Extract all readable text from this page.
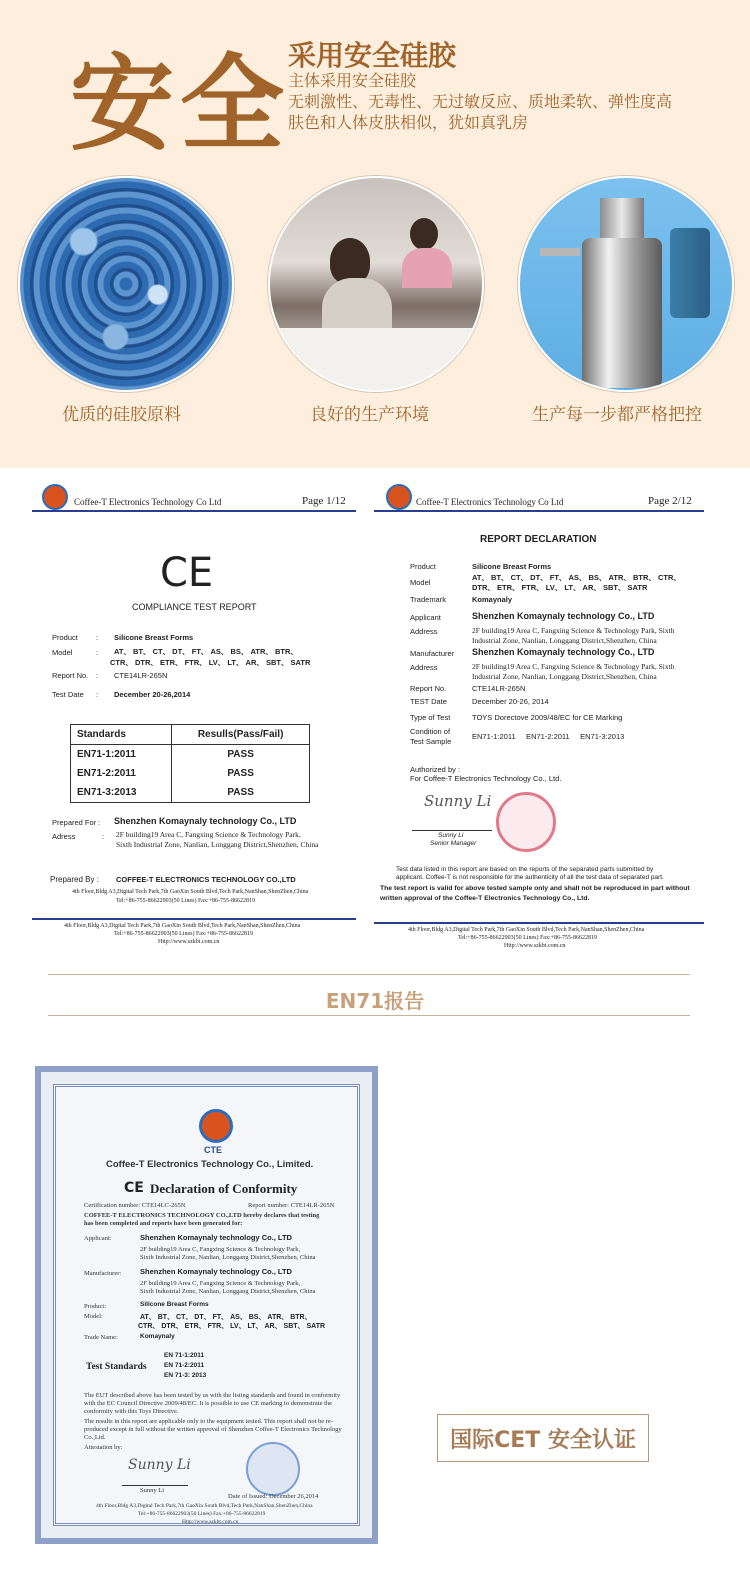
安全
采用安全硅胶
主体采用安全硅胶
无刺激性、无毒性、无过敏反应、质地柔软、弹性度高
肤色和人体皮肤相似，犹如真乳房
优质的硅胶原料	良好的生产环境	生产每一步都严格把控
Coffee-T Electronics Technology Co Ltd	Page 1/12
CE
COMPLIANCE TEST REPORT
Product : Silicone Breast Forms
Model	: AT、 BT、 CT、 DT、 FT、 AS、 BS、 ATR、 BTR、
CTR、 DTR、 ETR、 FTR、 LV、 LT、 AR、 SBT、 SATR
Report No. : CTE14LR-265N
Test Date : December 20-26,2014
Standards	Resulls(Pass/Fail)
EN71-1:2011	PASS
EN71-2:2011	PASS
EN71-3:2013	PASS
Prepared For : Shenzhen Komaynaly technology Co., LTD
Adress	: 2F building19 Area C, Fangxing Science & Technology Park,
Sixth Industrial Zone, Nanlian, Longgang District,Shenzhen, China
Prepared By : COFFEE-T ELECTRONICS TECHNOLOGY CO.,LTD
4th Floor,Bldg A3,Digital Tech Park,7th GaoXin South Blvd,Tech Park,NanShan,ShenZhen,China
Tel:+86-755-86622903(50 Lines) Fax:+86-755-86622819
4th Floor,Bldg A3,Digital Tech Park,7th GaoXin South Blvd,Tech Park,NanShan,ShenZhen,China
Tel:+86-755-86622903(50 Lines) Fax:+86-755-86622819
Http://www.szkbt.com.cn
Coffee-T Electronics Technology Co Ltd	Page 2/12
REPORT DECLARATION
Product	Silicone Breast Forms
Model
AT、 BT、 CT、 DT、 FT、 AS、 BS、 ATR、 BTR、 CTR、 DTR、 ETR、 FTR、 LV、 LT、 AR、 SBT、 SATR
Trademark	Komaynaly
Applicant	Shenzhen Komaynaly technology Co., LTD
Address	2F building19 Area C, Fangxing Science & Technology Park, Sixth Industrial Zone, Nanlian, Longgang District,Shenzhen, China
Manufacturer Shenzhen Komaynaly technology Co., LTD
Address	2F building19 Area C, Fangxing Science & Technology Park, Sixth Industrial Zone, Nanlian, Longgang District,Shenzhen, China
Report No.	CTE14LR-265N
TEST Date	December 20-26, 2014
Type of Test	TOYS Dorectove 2009/48/EC for CE Marking
Condition of Test Sample
EN71-1:2011     EN71-2:2011     EN71-3:2013
Authorized by :
For Coffee-T Electronics Technology Co., Ltd.
Sunny Li
Sunny Li
Senior Manager
Test data listed in this report are based on the reports of the separated parts submitted by
applicant. Coffee-T is not responsible for the authenticity of all the test data of separated part.
The test report is valid for above tested sample only and shall not be reproduced in part without
written approval of the Coffee-T Electronics Technology Co., Ltd.
4th Floor,Bldg A3,Digital Tech Park,7th GaoXin South Blvd,Tech Park,NanShan,ShenZhen,China
Tel:+86-755-86622903(50 Lines) Fax:+86-755-86622819
Http://www.szkbt.com.cn
EN71报告
CTE
Coffee-T Electronics Technology Co., Limited.
CE Declaration of Conformity
Certification number: CTE14LC-265N	Report number: CTE14LR-265N
COFFEE-T ELECTRONICS TECHNOLOGY CO.,LTD hereby declares that testing
has been completed and reports have been generated for:
Applicant:	Shenzhen Komaynaly technology Co., LTD
2F building19 Area C, Fangxing Science & Technology Park,
Sixth Industrial Zone, Nanlian, Longgang District,Shenzhen, China
Manufacturer:	Shenzhen Komaynaly technology Co., LTD
2F building19 Area C, Fangxing Science & Technology Park,
Sixth Industrial Zone, Nanlian, Longgang District,Shenzhen, China
Product:	Silicone Breast Forms
Model:	AT、 BT、 CT、 DT、 FT、 AS、 BS、 ATR、 BTR、
CTR、 DTR、 ETR、 FTR、 LV、 LT、 AR、 SBT、 SATR
Trade Name:	Komaynaly
Test Standards
EN 71-1:2011
EN 71-2:2011
EN 71-3: 2013
The EUT described above has been tested by us with the listing standards and found in conformity with the EC Council Directive 2009/48/EC. It is possible to use CE marking to demonstrate the conformity with this Toys Directive.
The results in this report are applicable only to the equipment tested. This report shall not be re-produced except in full without the written approval of Shenzhen Coffee-T Electronics Technology Co.,Ltd.
Attestation by:
Sunny Li
Sunny Li
Date of Issued: December 26,2014
4th Floor,Bldg A3,Digital Tech Park,7th GaoXin South Blvd,Tech Park,NanShan,ShenZhen,China
Tel:+86-755-86622903(50 Lines) Fax:+86-755-86622819
Http://www.szkbt.com.cn
国际CET 安全认证
